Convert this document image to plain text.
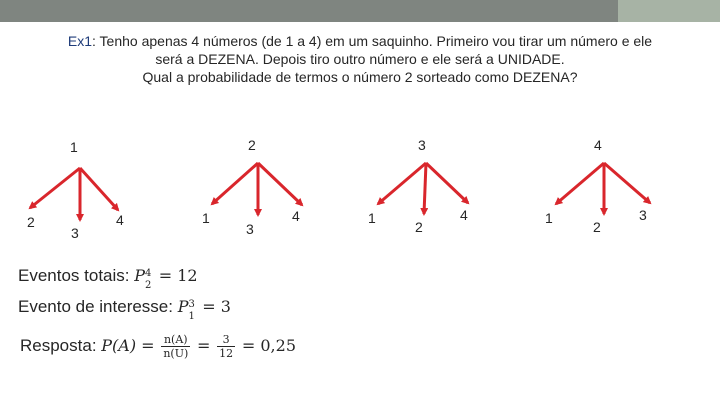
Ex1: Tenho apenas 4 números (de 1 a 4) em um saquinho. Primeiro vou tirar um número e ele
será a DEZENA. Depois tiro outro número e ele será a UNIDADE.
Qual a probabilidade de termos o número 2 sorteado como DEZENA?
1	2	3	4
2
3
4	1
3
4	1
2
4	1
2
3
Eventos totais: P 4
2
= 12
Evento de interesse: P 3
1
= 3
Resposta: $P(A) = \frac{n(A)}{n(U)} = \frac{3}{12} = 0,25$
